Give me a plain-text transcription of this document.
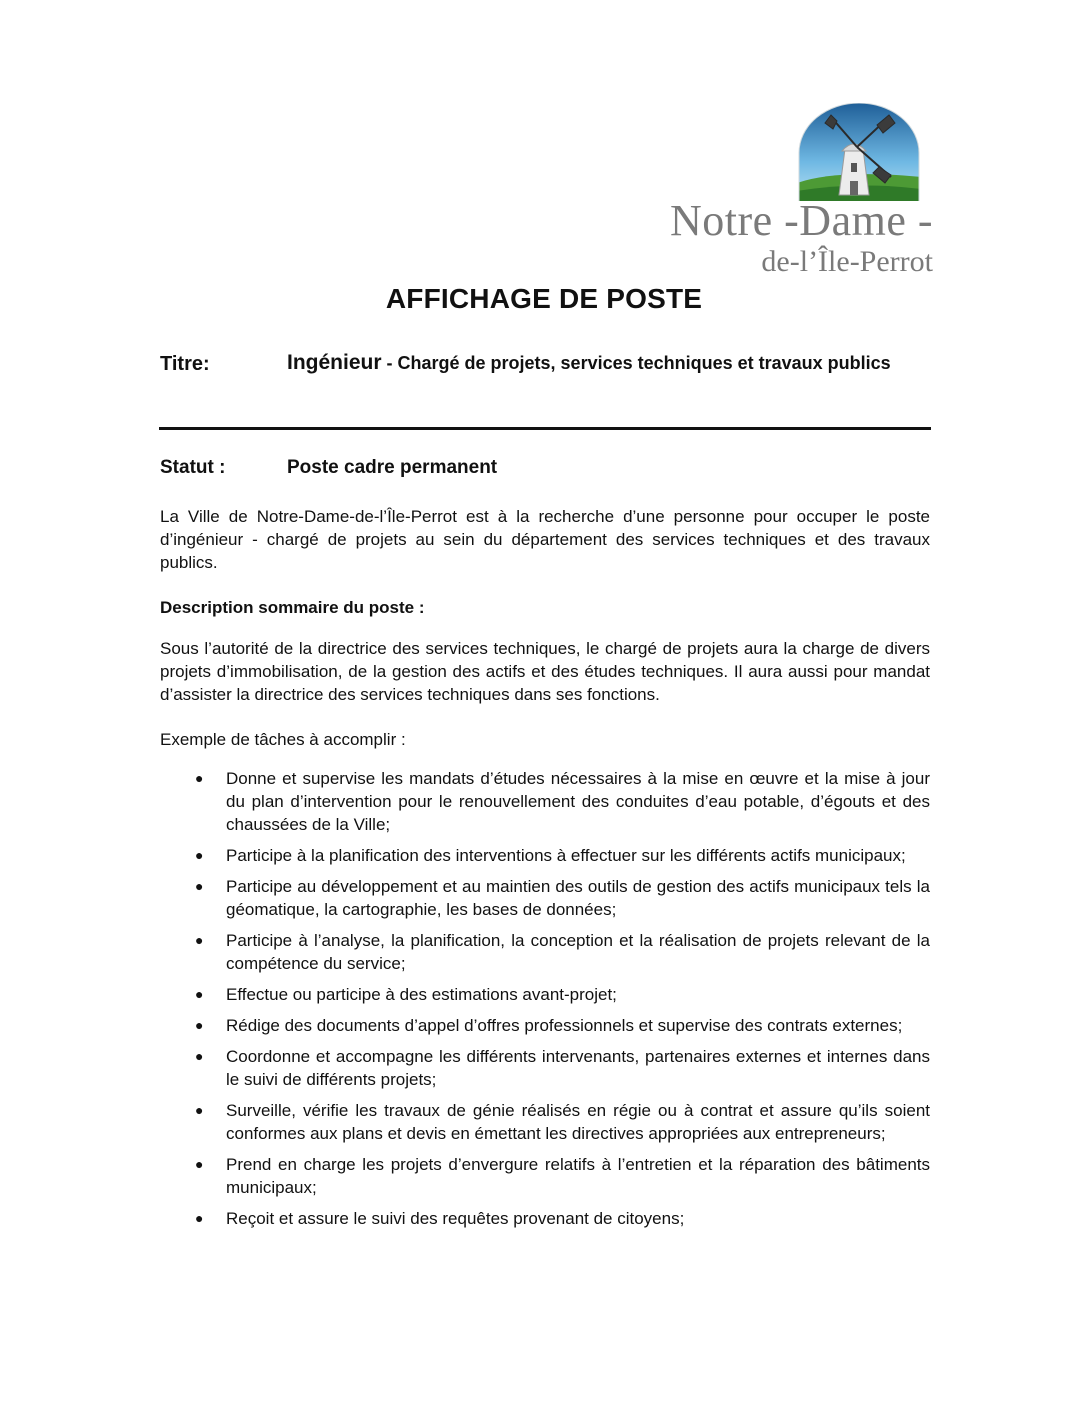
Notre -Dame -
de-l’Île-Perrot
AFFICHAGE DE POSTE
Titre:	Ingénieur - Chargé de projets, services techniques et travaux publics
Statut :	Poste cadre permanent

La Ville de Notre-Dame-de-l’Île-Perrot est à la recherche d’une personne pour occuper le poste d’ingénieur - chargé de projets au sein du département des services techniques et des travaux publics.

Description sommaire du poste :

Sous l’autorité de la directrice des services techniques, le chargé de projets aura la charge de divers projets d’immobilisation, de la gestion des actifs et des études techniques. Il aura aussi pour mandat d’assister la directrice des services techniques dans ses fonctions.

Exemple de tâches à accomplir :

● Donne et supervise les mandats d’études nécessaires à la mise en œuvre et la mise à jour du plan d’intervention pour le renouvellement des conduites d’eau potable, d’égouts et des chaussées de la Ville;
● Participe à la planification des interventions à effectuer sur les différents actifs municipaux;
● Participe au développement et au maintien des outils de gestion des actifs municipaux tels la géomatique, la cartographie, les bases de données;
● Participe à l’analyse, la planification, la conception et la réalisation de projets relevant de la compétence du service;
● Effectue ou participe à des estimations avant-projet;
● Rédige des documents d’appel d’offres professionnels et supervise des contrats externes;
● Coordonne et accompagne les différents intervenants, partenaires externes et internes dans le suivi de différents projets;
● Surveille, vérifie les travaux de génie réalisés en régie ou à contrat et assure qu’ils soient conformes aux plans et devis en émettant les directives appropriées aux entrepreneurs;
● Prend en charge les projets d’envergure relatifs à l’entretien et la réparation des bâtiments municipaux;
● Reçoit et assure le suivi des requêtes provenant de citoyens;
